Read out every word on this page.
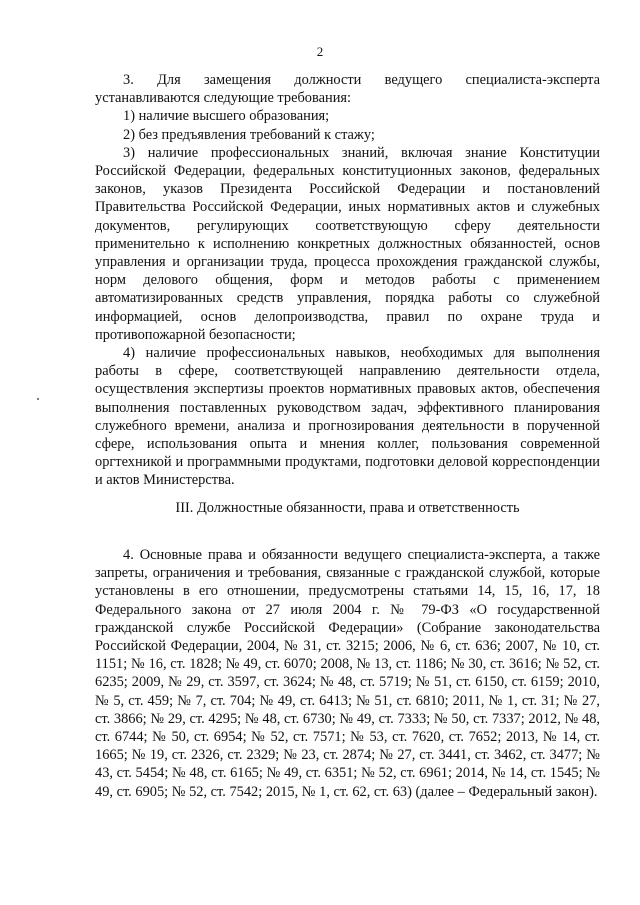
2

3. Для замещения должности ведущего специалиста-эксперта устанавливаются следующие требования:

1) наличие высшего образования;

2) без предъявления требований к стажу;

3) наличие профессиональных знаний, включая знание Конституции Российской Федерации, федеральных конституционных законов, федеральных законов, указов Президента Российской Федерации и постановлений Правительства Российской Федерации, иных нормативных актов и служебных документов, регулирующих соответствующую сферу деятельности применительно к исполнению конкретных должностных обязанностей, основ управления и организации труда, процесса прохождения гражданской службы, норм делового общения, форм и методов работы с применением автоматизированных средств управления, порядка работы со служебной информацией, основ делопроизводства, правил по охране труда и противопожарной безопасности;

4) наличие профессиональных навыков, необходимых для выполнения работы в сфере, соответствующей направлению деятельности отдела, осуществления экспертизы проектов нормативных правовых актов, обеспечения выполнения поставленных руководством задач, эффективного планирования служебного времени, анализа и прогнозирования деятельности в порученной сфере, использования опыта и мнения коллег, пользования современной оргтехникой и программными продуктами, подготовки деловой корреспонденции и актов Министерства.

III. Должностные обязанности, права и ответственность

4. Основные права и обязанности ведущего специалиста-эксперта, а также запреты, ограничения и требования, связанные с гражданской службой, которые установлены в его отношении, предусмотрены статьями 14, 15, 16, 17, 18 Федерального закона от 27 июля 2004 г. № 79-ФЗ «О государственной гражданской службе Российской Федерации» (Собрание законодательства Российской Федерации, 2004, № 31, ст. 3215; 2006, № 6, ст. 636; 2007, № 10, ст. 1151; № 16, ст. 1828; № 49, ст. 6070; 2008, № 13, ст. 1186; № 30, ст. 3616; № 52, ст. 6235; 2009, № 29, ст. 3597, ст. 3624; № 48, ст. 5719; № 51, ст. 6150, ст. 6159; 2010, № 5, ст. 459; № 7, ст. 704; № 49, ст. 6413; № 51, ст. 6810; 2011, № 1, ст. 31; № 27, ст. 3866; № 29, ст. 4295; № 48, ст. 6730; № 49, ст. 7333; № 50, ст. 7337; 2012, № 48, ст. 6744; № 50, ст. 6954; № 52, ст. 7571; № 53, ст. 7620, ст. 7652; 2013, № 14, ст. 1665; № 19, ст. 2326, ст. 2329; № 23, ст. 2874; № 27, ст. 3441, ст. 3462, ст. 3477; № 43, ст. 5454; № 48, ст. 6165; № 49, ст. 6351; № 52, ст. 6961; 2014, № 14, ст. 1545; № 49, ст. 6905; № 52, ст. 7542; 2015, № 1, ст. 62, ст. 63) (далее – Федеральный закон).
